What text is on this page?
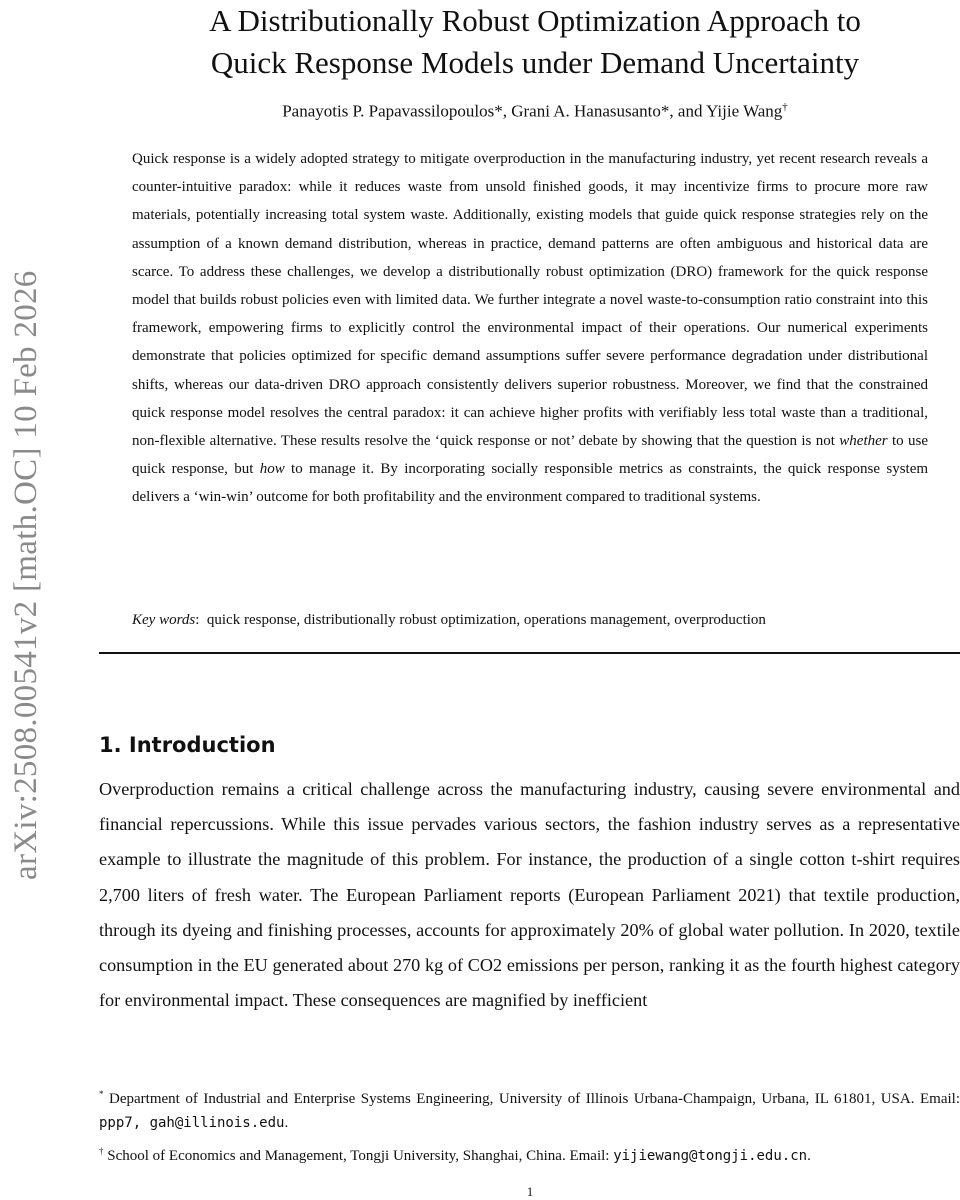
arXiv:2508.00541v2 [math.OC] 10 Feb 2026
A Distributionally Robust Optimization Approach to
Quick Response Models under Demand Uncertainty
Panayotis P. Papavassilopoulos*, Grani A. Hanasusanto*, and Yijie Wang†

Quick response is a widely adopted strategy to mitigate overproduction in the manufacturing industry, yet recent research reveals a counter-intuitive paradox: while it reduces waste from unsold finished goods, it may incentivize firms to procure more raw materials, potentially increasing total system waste. Additionally, existing models that guide quick response strategies rely on the assumption of a known demand distribution, whereas in practice, demand patterns are often ambiguous and historical data are scarce. To address these challenges, we develop a distributionally robust optimization (DRO) framework for the quick response model that builds robust policies even with limited data. We further integrate a novel waste-to-consumption ratio constraint into this framework, empowering firms to explicitly control the environmental impact of their operations. Our numerical experiments demonstrate that policies optimized for specific demand assumptions suffer severe performance degradation under distributional shifts, whereas our data-driven DRO approach consistently delivers superior robustness. Moreover, we find that the constrained quick response model resolves the central paradox: it can achieve higher profits with verifiably less total waste than a traditional, non-flexible alternative. These results resolve the ‘quick response or not’ debate by showing that the question is not whether to use quick response, but how to manage it. By incorporating socially responsible metrics as constraints, the quick response system delivers a ‘win-win’ outcome for both profitability and the environment compared to traditional systems.

Key words:  quick response, distributionally robust optimization, operations management, overproduction
1. Introduction

Overproduction remains a critical challenge across the manufacturing industry, causing severe environmental and financial repercussions. While this issue pervades various sectors, the fashion industry serves as a representative example to illustrate the magnitude of this problem. For instance, the production of a single cotton t-shirt requires 2,700 liters of fresh water. The European Parliament reports (European Parliament 2021) that textile production, through its dyeing and finishing processes, accounts for approximately 20% of global water pollution. In 2020, textile consumption in the EU generated about 270 kg of CO2 emissions per person, ranking it as the fourth highest category for environmental impact. These consequences are magnified by inefficient

* Department of Industrial and Enterprise Systems Engineering, University of Illinois Urbana-Champaign, Urbana, IL 61801, USA. Email: ppp7, gah@illinois.edu.

† School of Economics and Management, Tongji University, Shanghai, China. Email: yijiewang@tongji.edu.cn.

1
